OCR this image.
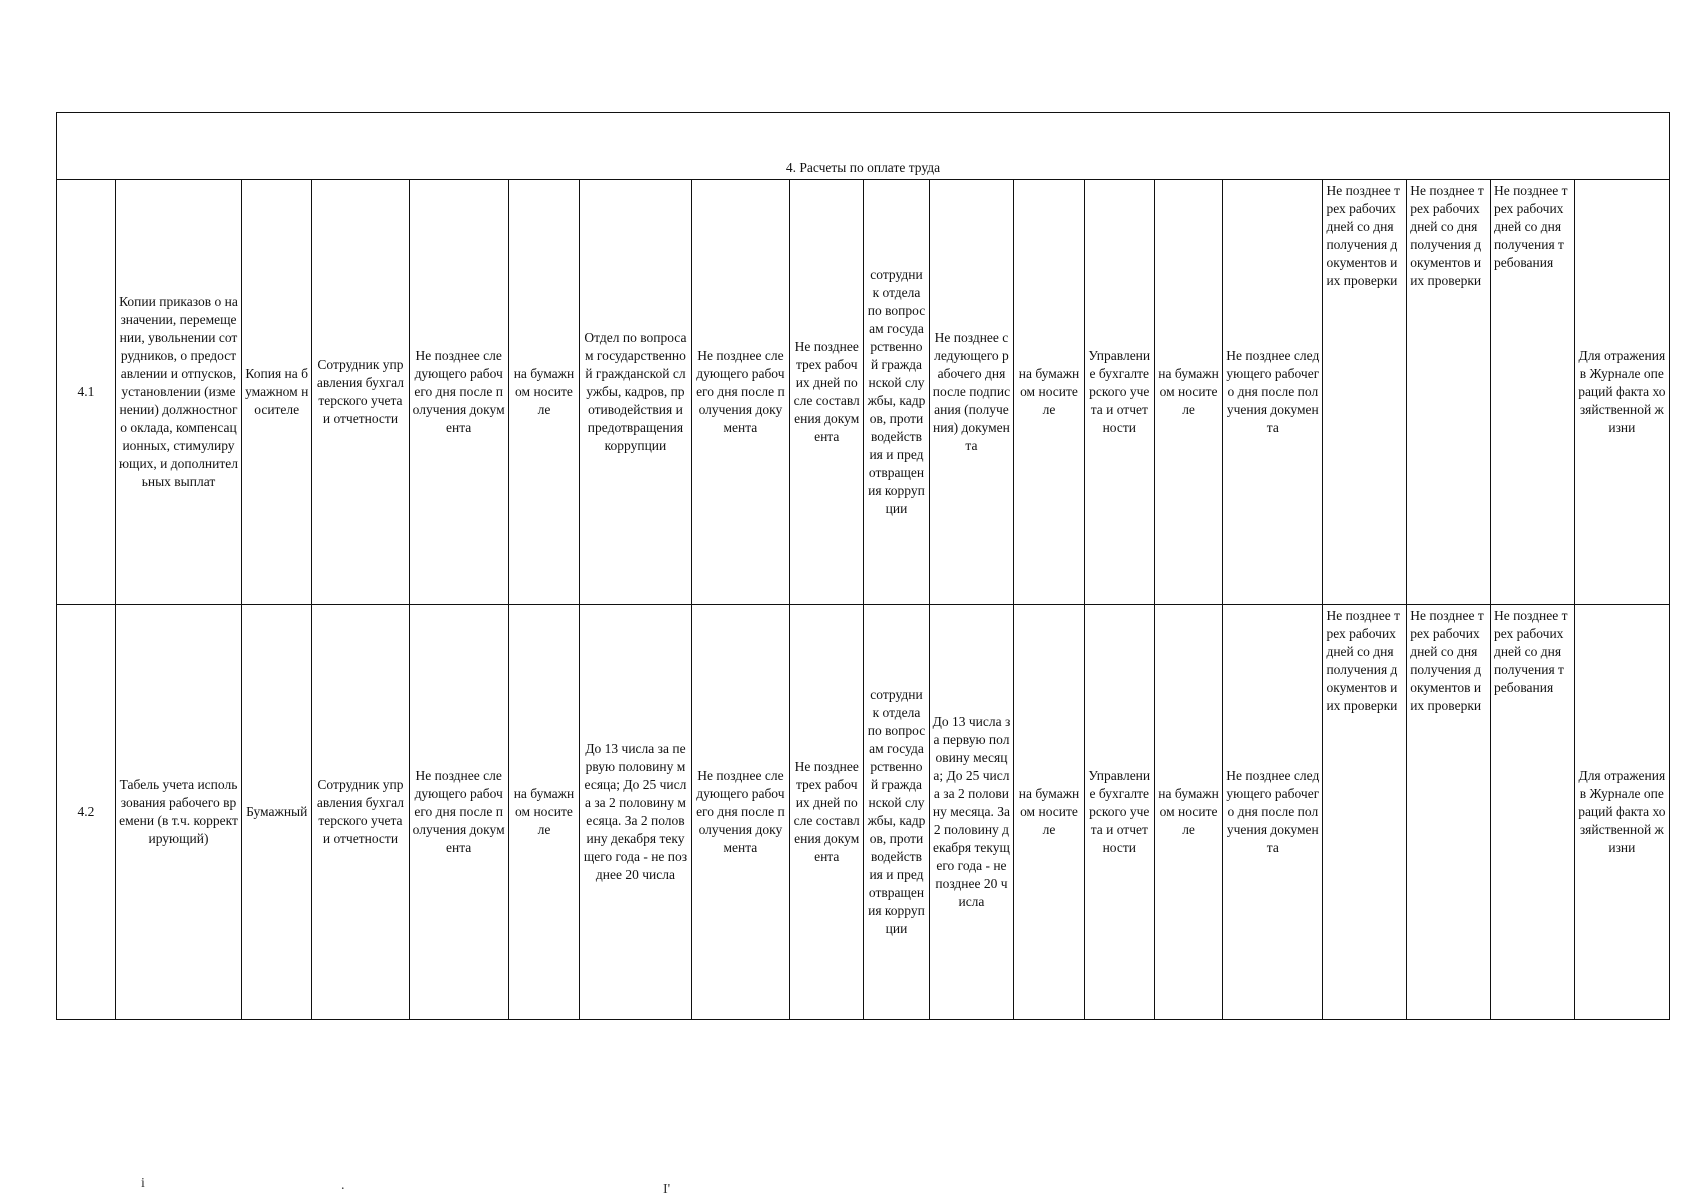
4. Расчеты по оплате труда																		
4.1	Копии приказов о назначении, перемещении, увольнении сотрудников, о предоставлении и отпусков, установлении (изменении) должностного оклада, компенсационных, стимулирующих, и дополнительных выплат	Копия на бумажном носителе	Сотрудник управления бухгалтерского учета и отчетности	Не позднее следующего рабочего дня после получения документа	на бумажном носителе	Отдел по вопросам государственной гражданской службы, кадров, противодействия и предотвращения коррупции	Не позднее следующего рабочего дня после получения документа	Не позднее трех рабочих дней после составления документа	сотрудник отдела по вопросам государственной гражданской службы, кадров, противодействия и предотвращения коррупции	Не позднее следующего рабочего дня после подписания (получения) документа	на бумажном носителе	Управление бухгалтерского учета и отчетности	на бумажном носителе	Не позднее следующего рабочего дня после получения документа	Не позднее трех рабочих дней со дня получения документов и их проверки	Не позднее трех рабочих дней со дня получения документов и их проверки	Не позднее трех рабочих дней со дня получения требования	Для отражения в Журнале операций факта хозяйственной жизни
4.2	Табель учета использования рабочего времени (в т.ч. корректирующий)	Бумажный	Сотрудник управления бухгалтерского учета и отчетности	Не позднее следующего рабочего дня после получения документа	на бумажном носителе	До 13 числа за первую половину месяца; До 25 числа за 2 половину месяца. За 2 половину декабря текущего года - не позднее 20 числа	Не позднее следующего рабочего дня после получения документа	Не позднее трех рабочих дней после составления документа	сотрудник отдела по вопросам государственной гражданской службы, кадров, противодействия и предотвращения коррупции	До 13 числа за первую половину месяца; До 25 числа за 2 половину месяца. За 2 половину декабря текущего года - не позднее 20 числа	на бумажном носителе	Управление бухгалтерского учета и отчетности	на бумажном носителе	Не позднее следующего рабочего дня после получения документа	Не позднее трех рабочих дней со дня получения документов и их проверки	Не позднее трех рабочих дней со дня получения документов и их проверки	Не позднее трех рабочих дней со дня получения требования	Для отражения в Журнале операций факта хозяйственной жизни
i	.	I'
